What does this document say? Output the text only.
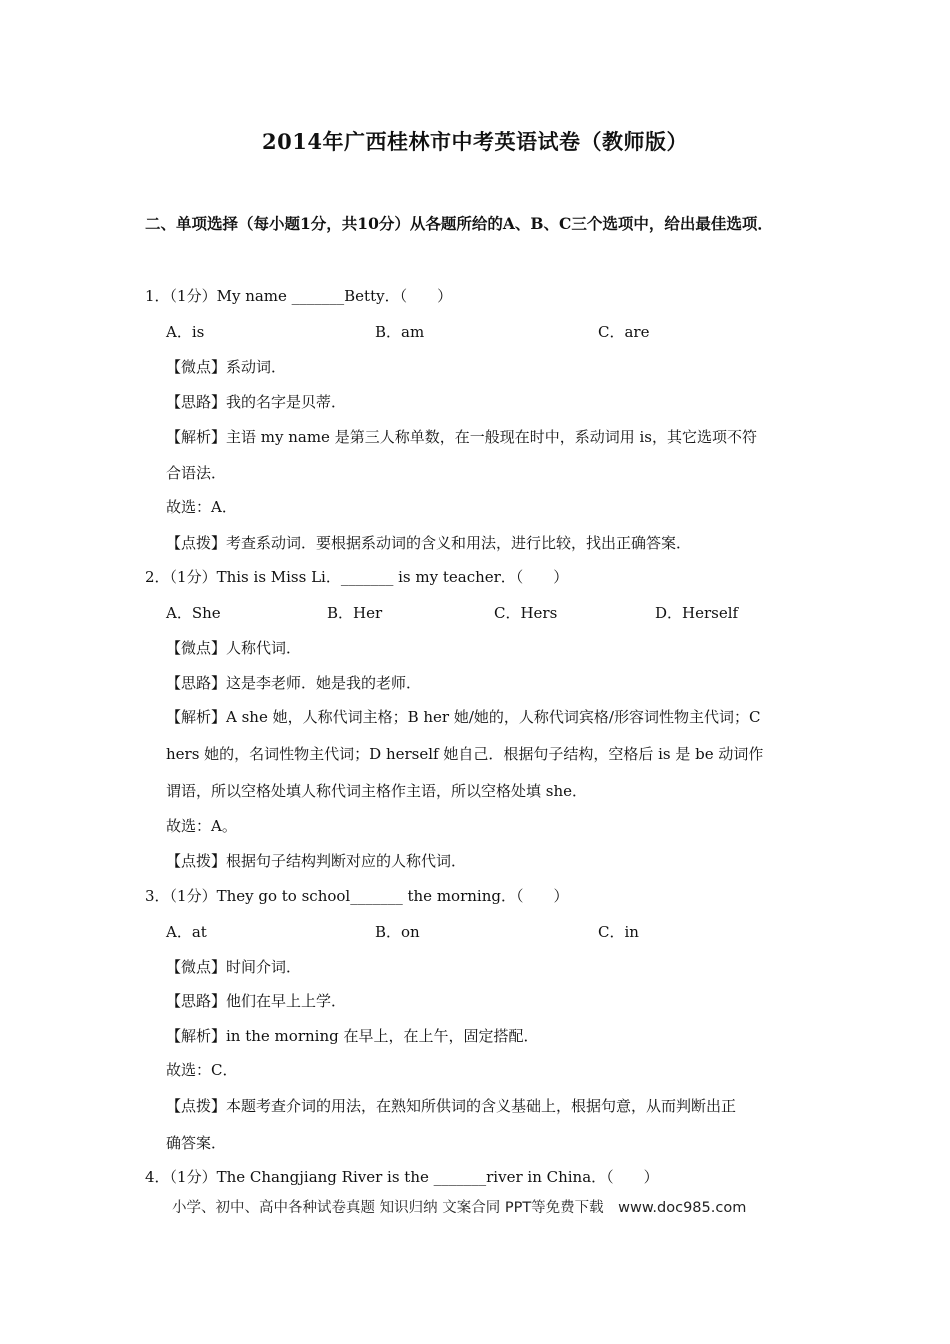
2014年广西桂林市中考英语试卷（教师版）
二、单项选择（每小题1分，共10分）从各题所给的A、B、C三个选项中，给出最佳选项．
1．（1分）My name _______Betty．（　　）
A．is	B．am	C．are
【微点】系动词．
【思路】我的名字是贝蒂．
【解析】主语 my name 是第三人称单数，在一般现在时中，系动词用 is，其它选项不符
合语法．
故选：A．
【点拨】考查系动词．要根据系动词的含义和用法，进行比较，找出正确答案．
2．（1分）This is Miss Li．_______ is my teacher．（　　）
A．She	B．Her	C．Hers	D．Herself
【微点】人称代词．
【思路】这是李老师．她是我的老师．
【解析】A she 她，人称代词主格；B her 她/她的，人称代词宾格/形容词性物主代词；C
hers 她的，名词性物主代词；D herself 她自己．根据句子结构，空格后 is 是 be 动词作
谓语，所以空格处填人称代词主格作主语，所以空格处填 she．
故选：A。
【点拨】根据句子结构判断对应的人称代词．
3．（1分）They go to school_______ the morning．（　　）
A．at	B．on	C．in
【微点】时间介词．
【思路】他们在早上上学．
【解析】in the morning 在早上，在上午，固定搭配．
故选：C．
【点拨】本题考查介词的用法，在熟知所供词的含义基础上，根据句意，从而判断出正
确答案．
4．（1分）The Changjiang River is the _______river in China．（　　）
小学、初中、高中各种试卷真题 知识归纳 文案合同 PPT等免费下载　www.doc985.com
